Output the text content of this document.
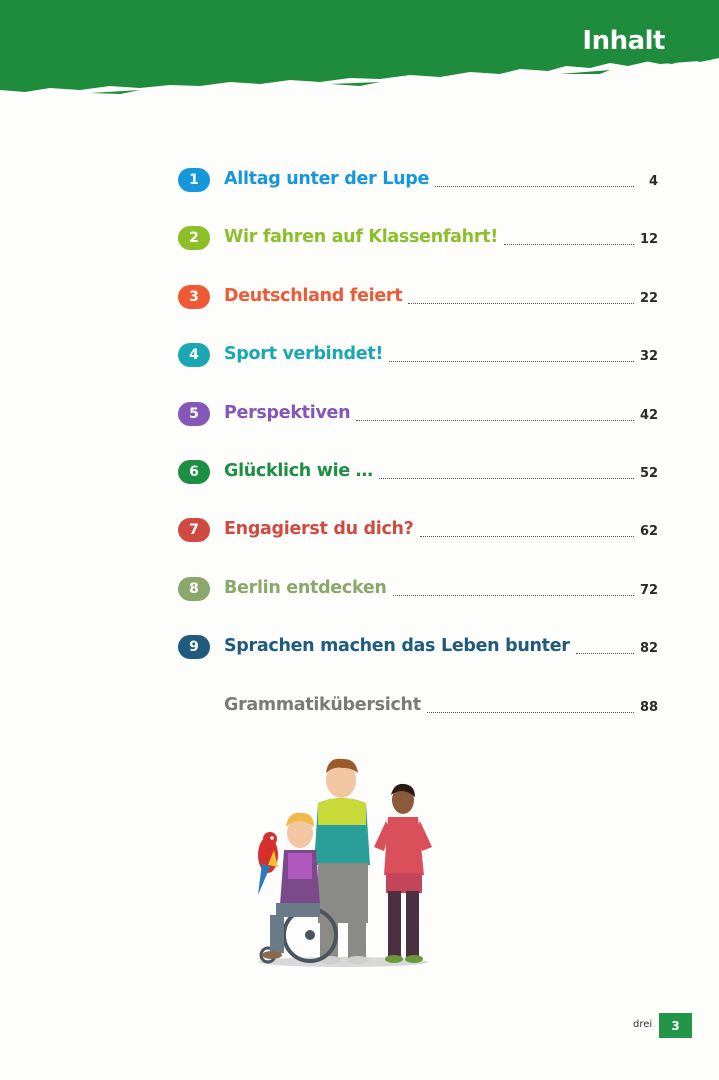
Inhalt
1	Alltag unter der Lupe	4
2	Wir fahren auf Klassenfahrt!	12
3	Deutschland feiert	22
4	Sport verbindet!	32
5	Perspektiven	42
6	Glücklich wie …	52
7	Engagierst du dich?	62
8	Berlin entdecken	72
9	Sprachen machen das Leben bunter	82
Grammatikübersicht	88
drei	3
